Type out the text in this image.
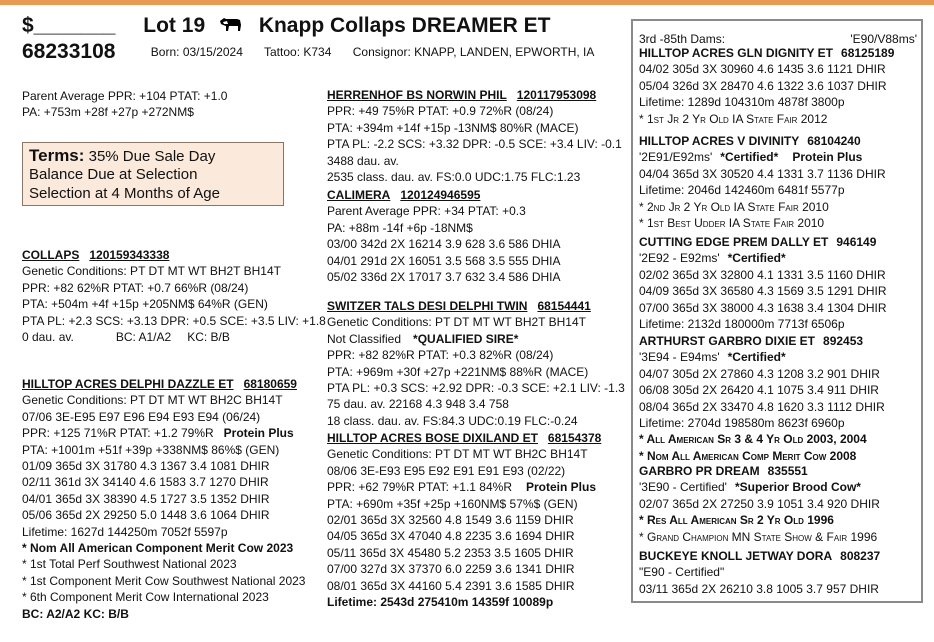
$_______ Lot 19	Knapp Collaps DREAMER ET
68233108	Born: 03/15/2024 Tattoo: K734 Consignor: KNAPP, LANDEN, EPWORTH, IA
Parent Average PPR: +104 PTAT: +1.0
PA: +753m +28f +27p +272NM$
Terms: 35% Due Sale Day
Balance Due at Selection
Selection at 4 Months of Age
COLLAPS 120159343338
Genetic Conditions: PT DT MT WT BH2T BH14T
PPR: +82 62%R PTAT: +0.7 66%R (08/24)
PTA: +504m +4f +15p +205NM$ 64%R (GEN)
PTA PL: +2.3 SCS: +3.13 DPR: +0.5 SCE: +3.5 LIV: +1.8
0 dau. av.	BC: A1/A2 KC: B/B
HILLTOP ACRES DELPHI DAZZLE ET 68180659
Genetic Conditions: PT DT MT WT BH2C BH14T
07/06 3E-E95 E97 E96 E94 E93 E94 (06/24)
PPR: +125 71%R PTAT: +1.2 79%R Protein Plus
PTA: +1001m +51f +39p +338NM$ 86%$ (GEN)
01/09 365d 3X 31780 4.3 1367 3.4 1081 DHIR
02/11 361d 3X 34140 4.6 1583 3.7 1270 DHIR
04/01 365d 3X 38390 4.5 1727 3.5 1352 DHIR
05/06 365d 2X 29250 5.0 1448 3.6 1064 DHIR
Lifetime: 1627d 144250m 7052f 5597p
* Nom All American Component Merit Cow 2023
* 1st Total Perf Southwest National 2023
* 1st Component Merit Cow Southwest National 2023
* 6th Component Merit Cow International 2023
BC: A2/A2 KC: B/B
HERRENHOF BS NORWIN PHIL 120117953098
PPR: +49 75%R PTAT: +0.9 72%R (08/24)
PTA: +394m +14f +15p -13NM$ 80%R (MACE)
PTA PL: -2.2 SCS: +3.32 DPR: -0.5 SCE: +3.4 LIV: -0.1
3488 dau. av.
2535 class. dau. av. FS:0.0 UDC:1.75 FLC:1.23
CALIMERA 120124946595
Parent Average PPR: +34 PTAT: +0.3
PA: +88m -14f +6p -18NM$
03/00 342d 2X 16214 3.9 628 3.6 586 DHIA
04/01 291d 2X 16051 3.5 568 3.5 555 DHIA
05/02 336d 2X 17017 3.7 632 3.4 586 DHIA
SWITZER TALS DESI DELPHI TWIN 68154441
Genetic Conditions: PT DT MT WT BH2T BH14T
Not Classified *QUALIFIED SIRE*
PPR: +82 82%R PTAT: +0.3 82%R (08/24)
PTA: +969m +30f +27p +221NM$ 88%R (MACE)
PTA PL: +0.3 SCS: +2.92 DPR: -0.3 SCE: +2.1 LIV: -1.3
75 dau. av. 22168 4.3 948 3.4 758
18 class. dau. av. FS:84.3 UDC:0.19 FLC:-0.24
HILLTOP ACRES BOSE DIXILAND ET 68154378
Genetic Conditions: PT DT MT WT BH2C BH14T
08/06 3E-E93 E95 E92 E91 E91 E93 (02/22)
PPR: +62 79%R PTAT: +1.1 84%R Protein Plus
PTA: +690m +35f +25p +160NM$ 57%$ (GEN)
02/01 365d 3X 32560 4.8 1549 3.6 1159 DHIR
04/05 365d 3X 47040 4.8 2235 3.6 1694 DHIR
05/11 365d 3X 45480 5.2 2353 3.5 1605 DHIR
07/00 327d 3X 37370 6.0 2259 3.6 1341 DHIR
08/01 365d 3X 44160 5.4 2391 3.6 1585 DHIR
Lifetime: 2543d 275410m 14359f 10089p
3rd -85th Dams:	'E90/V88ms'
HILLTOP ACRES GLN DIGNITY ET 68125189
04/02 305d 3X 30960 4.6 1435 3.6 1121 DHIR
05/04 326d 3X 28470 4.6 1322 3.6 1037 DHIR
Lifetime: 1289d 104310m 4878f 3800p
* 1st Jr 2 Yr Old IA State Fair 2012
HILLTOP ACRES V DIVINITY 68104240
'2E91/E92ms' *Certified* Protein Plus
04/04 365d 3X 30520 4.4 1331 3.7 1136 DHIR
Lifetime: 2046d 142460m 6481f 5577p
* 2nd Jr 2 Yr Old IA State Fair 2010
* 1st Best Udder IA State Fair 2010
CUTTING EDGE PREM DALLY ET 946149
'2E92 - E92ms' *Certified*
02/02 365d 3X 32800 4.1 1331 3.5 1160 DHIR
04/09 365d 3X 36580 4.3 1569 3.5 1291 DHIR
07/00 365d 3X 38000 4.3 1638 3.4 1304 DHIR
Lifetime: 2132d 180000m 7713f 6506p
ARTHURST GARBRO DIXIE ET 892453
'3E94 - E94ms' *Certified*
04/07 305d 2X 27860 4.3 1208 3.2 901 DHIR
06/08 305d 2X 26420 4.1 1075 3.4 911 DHIR
08/04 365d 2X 33470 4.8 1620 3.3 1112 DHIR
Lifetime: 2704d 198580m 8623f 6960p
* All American Sr 3 & 4 Yr Old 2003, 2004
* Nom All American Comp Merit Cow 2008
GARBRO PR DREAM 835551
'3E90 - Certified' *Superior Brood Cow*
02/07 365d 2X 27250 3.9 1051 3.4 920 DHIR
* Res All American Sr 2 Yr Old 1996
* Grand Champion MN State Show & Fair 1996
BUCKEYE KNOLL JETWAY DORA 808237
"E90 - Certified"
03/11 365d 2X 26210 3.8 1005 3.7 957 DHIR
